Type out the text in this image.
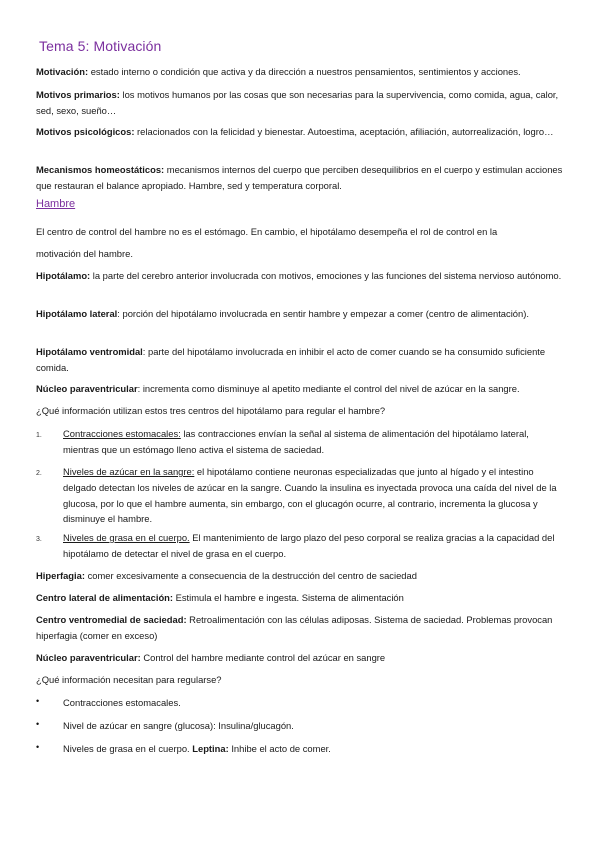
Tema 5: Motivación

Motivación: estado interno o condición que activa y da dirección a nuestros pensamientos, sentimientos y acciones.

Motivos primarios: los motivos humanos por las cosas que son necesarias para la supervivencia, como comida, agua, calor, sed, sexo, sueño…

Motivos psicológicos: relacionados con la felicidad y bienestar. Autoestima, aceptación, afiliación, autorrealización, logro…

Mecanismos homeostáticos: mecanismos internos del cuerpo que perciben desequilibrios en el cuerpo y estimulan acciones que restauran el balance apropiado. Hambre, sed y temperatura corporal.

Hambre

El centro de control del hambre no es el estómago. En cambio, el hipotálamo desempeña el rol de control en la

motivación del hambre.

Hipotálamo: la parte del cerebro anterior involucrada con motivos, emociones y las funciones del sistema nervioso autónomo.

Hipotálamo lateral: porción del hipotálamo involucrada en sentir hambre y empezar a comer (centro de alimentación).

Hipotálamo ventromidal: parte del hipotálamo involucrada en inhibir el acto de comer cuando se ha consumido suficiente comida.

Núcleo paraventricular: incrementa como disminuye al apetito mediante el control del nivel de azúcar en la sangre.

¿Qué información utilizan estos tres centros del hipotálamo para regular el hambre?

1. Contracciones estomacales: las contracciones envían la señal al sistema de alimentación del hipotálamo lateral, mientras que un estómago lleno activa el sistema de saciedad.

2. Niveles de azúcar en la sangre: el hipotálamo contiene neuronas especializadas que junto al hígado y el intestino delgado detectan los niveles de azúcar en la sangre. Cuando la insulina es inyectada provoca una caída del nivel de la glucosa, por lo que el hambre aumenta, sin embargo, con el glucagón ocurre, al contrario, incrementa la glucosa y disminuye el hambre.

3. Niveles de grasa en el cuerpo. El mantenimiento de largo plazo del peso corporal se realiza gracias a la capacidad del hipotálamo de detectar el nivel de grasa en el cuerpo.

Hiperfagia: comer excesivamente a consecuencia de la destrucción del centro de saciedad

Centro lateral de alimentación: Estimula el hambre e ingesta. Sistema de alimentación

Centro ventromedial de saciedad: Retroalimentación con las células adiposas. Sistema de saciedad. Problemas provocan hiperfagia (comer en exceso)

Núcleo paraventricular: Control del hambre mediante control del azúcar en sangre

¿Qué información necesitan para regularse?

•	Contracciones estomacales.

•	Nivel de azúcar en sangre (glucosa): Insulina/glucagón.

•	Niveles de grasa en el cuerpo. Leptina: Inhibe el acto de comer.
